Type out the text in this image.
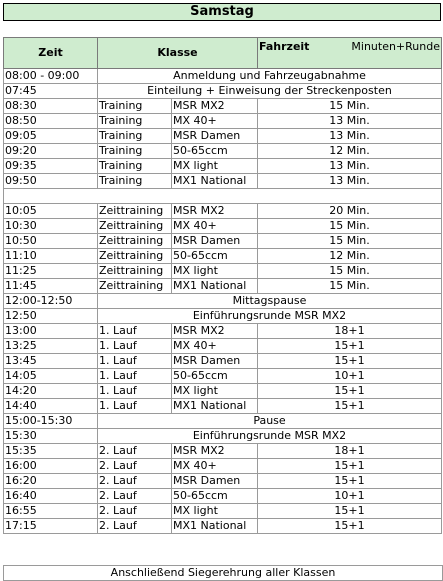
Samstag
Zeit	Klasse		Fahrzeit Minuten+Runde

08:00 - 09:00	Anmeldung und Fahrzeugabnahme		
07:45	Einteilung + Einweisung der Streckenposten		
08:30	Training	MSR MX2	15 Min.
08:50	Training	MX 40+	13 Min.
09:05	Training	MSR Damen	13 Min.
09:20	Training	50-65ccm	12 Min.
09:35	Training	MX light	13 Min.
09:50	Training	MX1 National	13 Min.

10:05	Zeittraining	MSR MX2	20 Min.
10:30	Zeittraining	MX 40+	15 Min.
10:50	Zeittraining	MSR Damen	15 Min.
11:10	Zeittraining	50-65ccm	12 Min.
11:25	Zeittraining	MX light	15 Min.
11:45	Zeittraining	MX1 National	15 Min.
12:00-12:50	Mittagspause		
12:50	Einführungsrunde MSR MX2		
13:00	1. Lauf	MSR MX2	18+1
13:25	1. Lauf	MX 40+	15+1
13:45	1. Lauf	MSR Damen	15+1
14:05	1. Lauf	50-65ccm	10+1
14:20	1. Lauf	MX light	15+1
14:40	1. Lauf	MX1 National	15+1
15:00-15:30	Pause		
15:30	Einführungsrunde MSR MX2		
15:35	2. Lauf	MSR MX2	18+1
16:00	2. Lauf	MX 40+	15+1
16:20	2. Lauf	MSR Damen	15+1
16:40	2. Lauf	50-65ccm	10+1
16:55	2. Lauf	MX light	15+1
17:15	2. Lauf	MX1 National	15+1
Anschließend Siegerehrung aller Klassen
